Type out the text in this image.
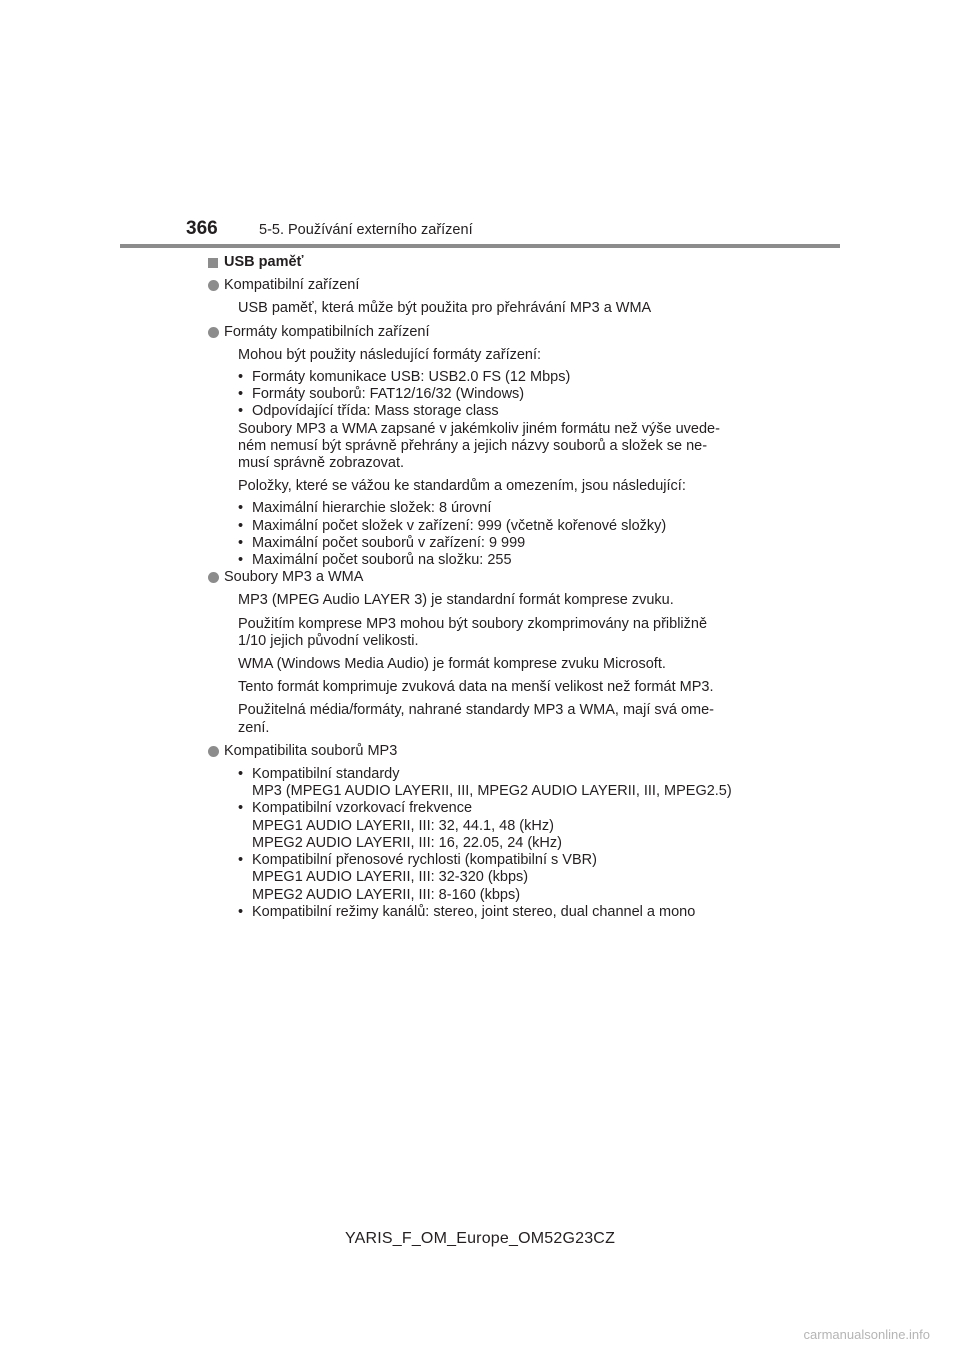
366	5-5. Používání externího zařízení
USB paměť
Kompatibilní zařízení
USB paměť, která může být použita pro přehrávání MP3 a WMA
Formáty kompatibilních zařízení
Mohou být použity následující formáty zařízení:
• Formáty komunikace USB: USB2.0 FS (12 Mbps)
• Formáty souborů: FAT12/16/32 (Windows)
• Odpovídající třída: Mass storage class
Soubory MP3 a WMA zapsané v jakémkoliv jiném formátu než výše uvede-
ném nemusí být správně přehrány a jejich názvy souborů a složek se ne-
musí správně zobrazovat.
Položky, které se vážou ke standardům a omezením, jsou následující:
• Maximální hierarchie složek: 8 úrovní
• Maximální počet složek v zařízení: 999 (včetně kořenové složky)
• Maximální počet souborů v zařízení: 9 999
• Maximální počet souborů na složku: 255
Soubory MP3 a WMA
MP3 (MPEG Audio LAYER 3) je standardní formát komprese zvuku.
Použitím komprese MP3 mohou být soubory zkomprimovány na přibližně
1/10 jejich původní velikosti.
WMA (Windows Media Audio) je formát komprese zvuku Microsoft.
Tento formát komprimuje zvuková data na menší velikost než formát MP3.
Použitelná média/formáty, nahrané standardy MP3 a WMA, mají svá ome-
zení.
Kompatibilita souborů MP3
• Kompatibilní standardy
MP3 (MPEG1 AUDIO LAYERII, III, MPEG2 AUDIO LAYERII, III, MPEG2.5)
• Kompatibilní vzorkovací frekvence
MPEG1 AUDIO LAYERII, III: 32, 44.1, 48 (kHz)
MPEG2 AUDIO LAYERII, III: 16, 22.05, 24 (kHz)
• Kompatibilní přenosové rychlosti (kompatibilní s VBR)
MPEG1 AUDIO LAYERII, III: 32-320 (kbps)
MPEG2 AUDIO LAYERII, III: 8-160 (kbps)
• Kompatibilní režimy kanálů: stereo, joint stereo, dual channel a mono
YARIS_F_OM_Europe_OM52G23CZ
carmanualsonline.info
